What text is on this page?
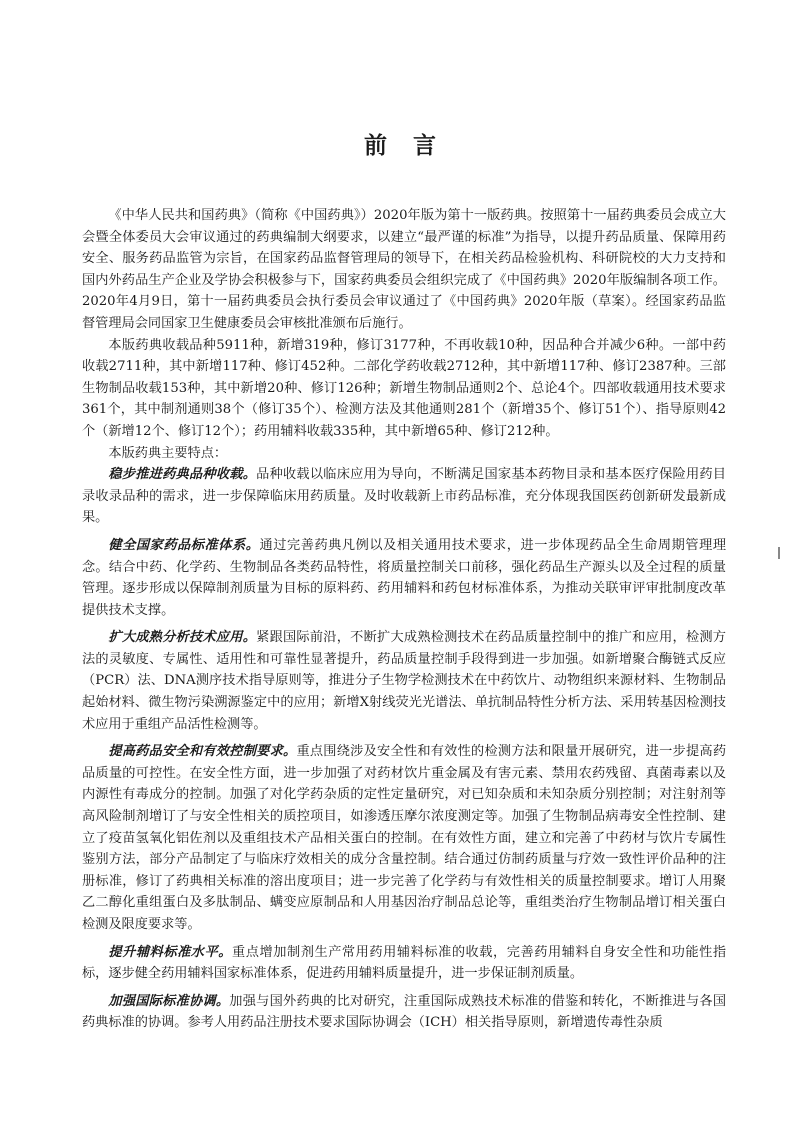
前言

《中华人民共和国药典》（简称《中国药典》）2020年版为第十一版药典。按照第十一届药典委员会成立大会暨全体委员大会审议通过的药典编制大纲要求，以建立“最严谨的标准”为指导，以提升药品质量、保障用药安全、服务药品监管为宗旨，在国家药品监督管理局的领导下，在相关药品检验机构、科研院校的大力支持和国内外药品生产企业及学协会积极参与下，国家药典委员会组织完成了《中国药典》2020年版编制各项工作。2020年4月9日，第十一届药典委员会执行委员会审议通过了《中国药典》2020年版（草案）。经国家药品监督管理局会同国家卫生健康委员会审核批准颁布后施行。

本版药典收载品种5911种，新增319种，修订3177种，不再收载10种，因品种合并减少6种。一部中药收载2711种，其中新增117种、修订452种。二部化学药收载2712种，其中新增117种、修订2387种。三部生物制品收载153种，其中新增20种、修订126种；新增生物制品通则2个、总论4个。四部收载通用技术要求361个，其中制剂通则38个（修订35个）、检测方法及其他通则281个（新增35个、修订51个）、指导原则42个（新增12个、修订12个）；药用辅料收载335种，其中新增65种、修订212种。

本版药典主要特点：

稳步推进药典品种收载。品种收载以临床应用为导向，不断满足国家基本药物目录和基本医疗保险用药目录收录品种的需求，进一步保障临床用药质量。及时收载新上市药品标准，充分体现我国医药创新研发最新成果。

健全国家药品标准体系。通过完善药典凡例以及相关通用技术要求，进一步体现药品全生命周期管理理念。结合中药、化学药、生物制品各类药品特性，将质量控制关口前移，强化药品生产源头以及全过程的质量管理。逐步形成以保障制剂质量为目标的原料药、药用辅料和药包材标准体系，为推动关联审评审批制度改革提供技术支撑。

扩大成熟分析技术应用。紧跟国际前沿，不断扩大成熟检测技术在药品质量控制中的推广和应用，检测方法的灵敏度、专属性、适用性和可靠性显著提升，药品质量控制手段得到进一步加强。如新增聚合酶链式反应（PCR）法、DNA测序技术指导原则等，推进分子生物学检测技术在中药饮片、动物组织来源材料、生物制品起始材料、微生物污染溯源鉴定中的应用；新增X射线荧光光谱法、单抗制品特性分析方法、采用转基因检测技术应用于重组产品活性检测等。

提高药品安全和有效控制要求。重点围绕涉及安全性和有效性的检测方法和限量开展研究，进一步提高药品质量的可控性。在安全性方面，进一步加强了对药材饮片重金属及有害元素、禁用农药残留、真菌毒素以及内源性有毒成分的控制。加强了对化学药杂质的定性定量研究，对已知杂质和未知杂质分别控制；对注射剂等高风险制剂增订了与安全性相关的质控项目，如渗透压摩尔浓度测定等。加强了生物制品病毒安全性控制、建立了疫苗氢氧化铝佐剂以及重组技术产品相关蛋白的控制。在有效性方面，建立和完善了中药材与饮片专属性鉴别方法，部分产品制定了与临床疗效相关的成分含量控制。结合通过仿制药质量与疗效一致性评价品种的注册标准，修订了药典相关标准的溶出度项目；进一步完善了化学药与有效性相关的质量控制要求。增订人用聚乙二醇化重组蛋白及多肽制品、螨变应原制品和人用基因治疗制品总论等，重组类治疗生物制品增订相关蛋白检测及限度要求等。

提升辅料标准水平。重点增加制剂生产常用药用辅料标准的收载，完善药用辅料自身安全性和功能性指标，逐步健全药用辅料国家标准体系，促进药用辅料质量提升，进一步保证制剂质量。

加强国际标准协调。加强与国外药典的比对研究，注重国际成熟技术标准的借鉴和转化，不断推进与各国药典标准的协调。参考人用药品注册技术要求国际协调会（ICH）相关指导原则，新增遗传毒性杂质
